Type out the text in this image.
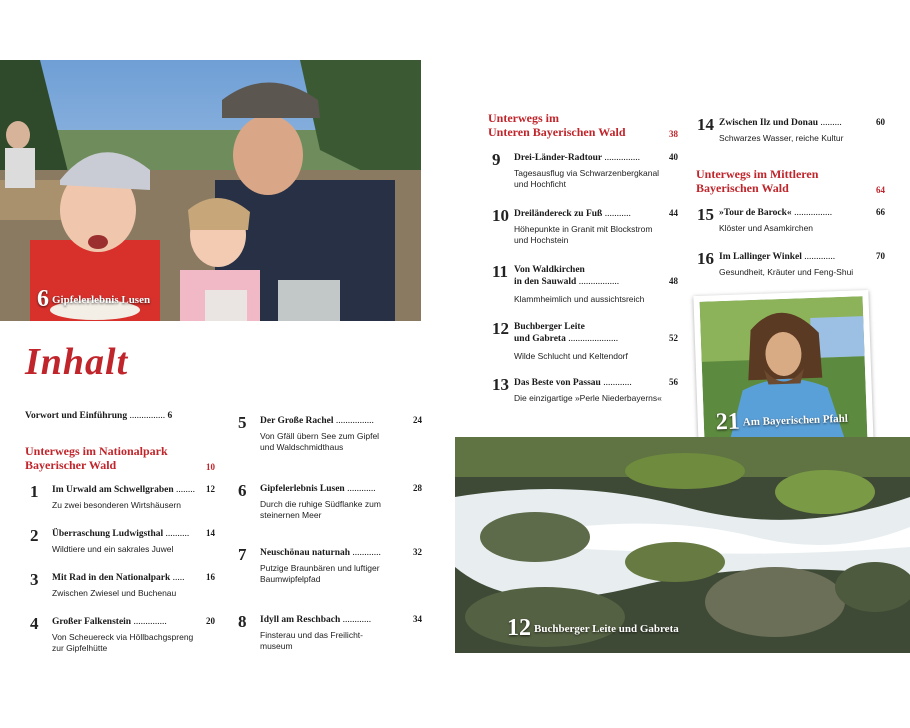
6 Gipfelerlebnis Lusen
Inhalt
Vorwort und Einführung ............... 6
Unterwegs im Nationalpark
Bayerischer Wald	10
Unterwegs im
Unteren Bayerischen Wald	38
Unterwegs im Mittleren
Bayerischen Wald	64
1 Im Urwald am Schwellgraben ........ 12
Zu zwei besonderen Wirtshäusern
2 Überraschung Ludwigsthal .......... 14
Wildtiere und ein sakrales Juwel
3 Mit Rad in den Nationalpark ..... 16
Zwischen Zwiesel und Buchenau
4 Großer Falkenstein ..............	20
Von Scheuereck via Höllbachgspreng
zur Gipfelhütte
5 Der Große Rachel ................	24
Von Gfäll übern See zum Gipfel
und Waldschmidthaus
6 Gipfelerlebnis Lusen ............	28
Durch die ruhige Südflanke zum
steinernen Meer
7 Neuschönau naturnah ............	32
Putzige Braunbären und luftiger
Baumwipfelpfad
8 Idyll am Reschbach ............	34
Finsterau und das Freilicht-
museum
9 Drei-Länder-Radtour ...............	40
Tagesausflug via Schwarzenbergkanal
und Hochficht
10 Dreiländereck zu Fuß ...........	44
Höhepunkte in Granit mit Blockstrom
und Hochstein
11 Von Waldkirchen
in den Sauwald .................	48
Klammheimlich und aussichtsreich
12 Buchberger Leite
und Gabreta .....................	52
Wilde Schlucht und Keltendorf
13 Das Beste von Passau ............	56
Die einzigartige »Perle Niederbayerns«
14 Zwischen Ilz und Donau .........	60
Schwarzes Wasser, reiche Kultur
15 »Tour de Barock« ................	66
Klöster und Asamkirchen
16 Im Lallinger Winkel .............	70
Gesundheit, Kräuter und Feng-Shui
21 Am Bayerischen Pfahl
12 Buchberger Leite und Gabreta
